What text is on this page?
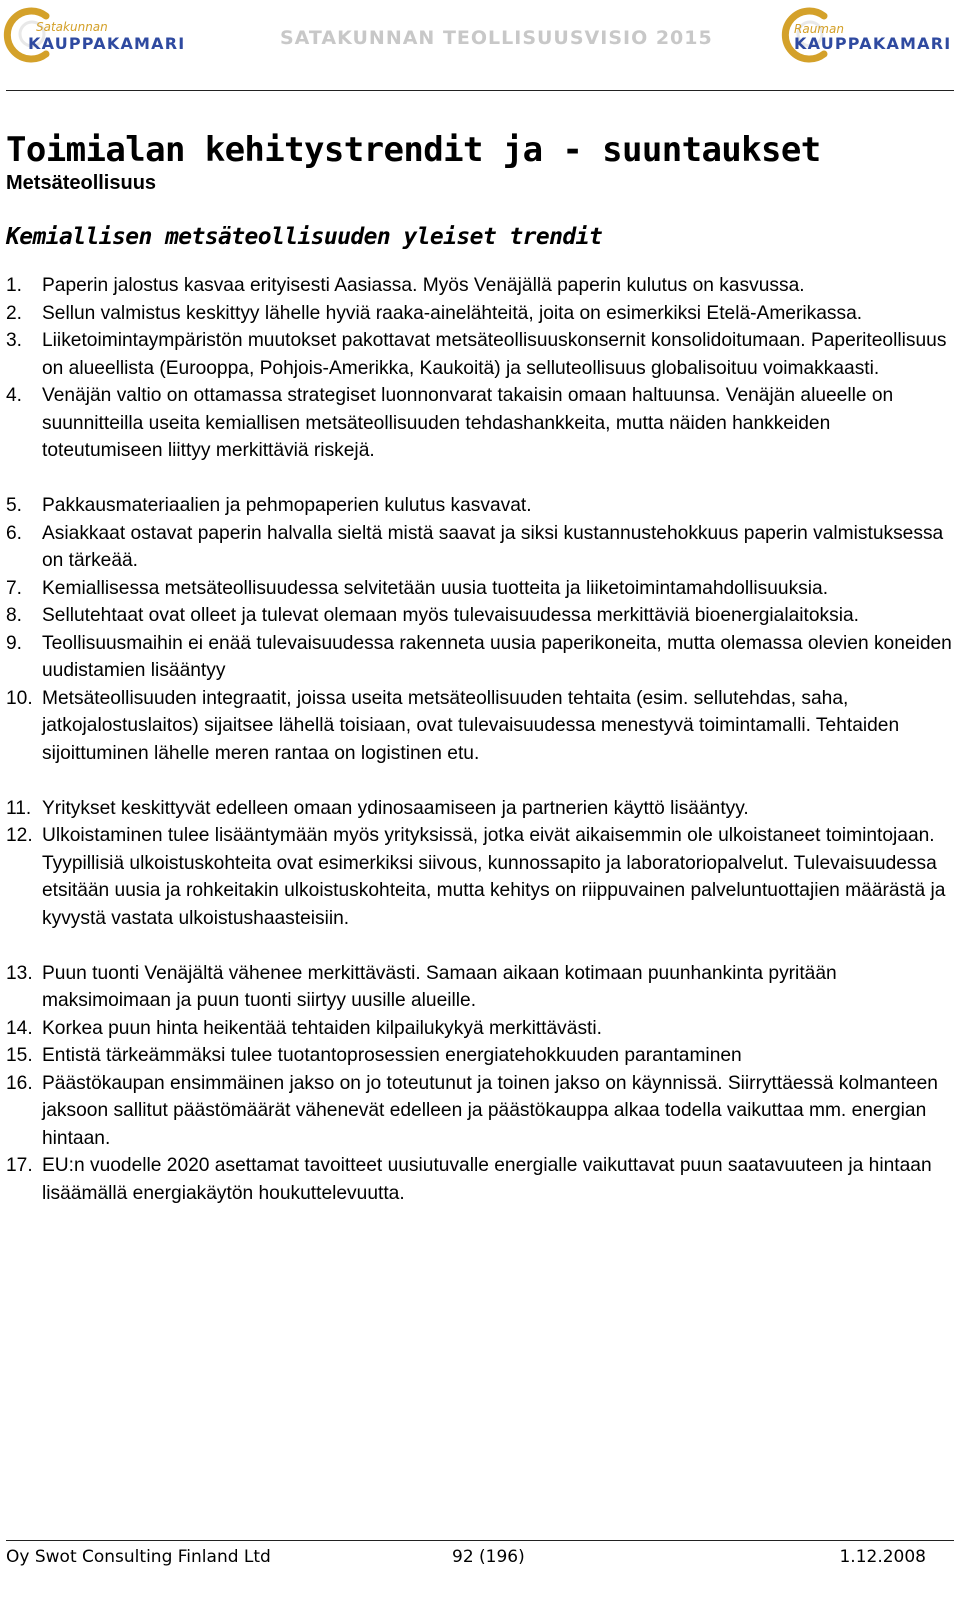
Satakunnan
KAUPPAKAMARI	SATAKUNNAN TEOLLISUUSVISIO 2015	Rauman
KAUPPAKAMARI
Toimialan kehitystrendit ja - suuntaukset
Metsäteollisuus
Kemiallisen metsäteollisuuden yleiset trendit
1. Paperin jalostus kasvaa erityisesti Aasiassa. Myös Venäjällä paperin kulutus on kasvussa.
2. Sellun valmistus keskittyy lähelle hyviä raaka-ainelähteitä, joita on esimerkiksi Etelä-Amerikassa.
3. Liiketoimintaympäristön muutokset pakottavat metsäteollisuuskonsernit konsolidoitumaan. Paperiteollisuus on alueellista (Eurooppa, Pohjois-Amerikka, Kaukoitä) ja selluteollisuus globalisoituu voimakkaasti.
4. Venäjän valtio on ottamassa strategiset luonnonvarat takaisin omaan haltuunsa. Venäjän alueelle on suunnitteilla useita kemiallisen metsäteollisuuden tehdashankkeita, mutta näiden hankkeiden toteutumiseen liittyy merkittäviä riskejä.
5. Pakkausmateriaalien ja pehmopaperien kulutus kasvavat.
6. Asiakkaat ostavat paperin halvalla sieltä mistä saavat ja siksi kustannustehokkuus paperin valmistuksessa on tärkeää.
7. Kemiallisessa metsäteollisuudessa selvitetään uusia tuotteita ja liiketoimintamahdollisuuksia.
8. Sellutehtaat ovat olleet ja tulevat olemaan myös tulevaisuudessa merkittäviä bioenergialaitoksia.
9. Teollisuusmaihin ei enää tulevaisuudessa rakenneta uusia paperikoneita, mutta olemassa olevien koneiden uudistamien lisääntyy
10. Metsäteollisuuden integraatit, joissa useita metsäteollisuuden tehtaita (esim. sellutehdas, saha, jatkojalostuslaitos) sijaitsee lähellä toisiaan, ovat tulevaisuudessa menestyvä toimintamalli. Tehtaiden sijoittuminen lähelle meren rantaa on logistinen etu.
11. Yritykset keskittyvät edelleen omaan ydinosaamiseen ja partnerien käyttö lisääntyy.
12. Ulkoistaminen tulee lisääntymään myös yrityksissä, jotka eivät aikaisemmin ole ulkoistaneet toimintojaan. Tyypillisiä ulkoistuskohteita ovat esimerkiksi siivous, kunnossapito ja laboratoriopalvelut. Tulevaisuudessa etsitään uusia ja rohkeitakin ulkoistuskohteita, mutta kehitys on riippuvainen palveluntuottajien määrästä ja kyvystä vastata ulkoistushaasteisiin.
13. Puun tuonti Venäjältä vähenee merkittävästi. Samaan aikaan kotimaan puunhankinta pyritään maksimoimaan ja puun tuonti siirtyy uusille alueille.
14. Korkea puun hinta heikentää tehtaiden kilpailukykyä merkittävästi.
15. Entistä tärkeämmäksi tulee tuotantoprosessien energiatehokkuuden parantaminen
16. Päästökaupan ensimmäinen jakso on jo toteutunut ja toinen jakso on käynnissä. Siirryttäessä kolmanteen jaksoon sallitut päästömäärät vähenevät edelleen ja päästökauppa alkaa todella vaikuttaa mm. energian hintaan.
17. EU:n vuodelle 2020 asettamat tavoitteet uusiutuvalle energialle vaikuttavat puun saatavuuteen ja hintaan lisäämällä energiakäytön houkuttelevuutta.
Oy Swot Consulting Finland Ltd	92 (196)	1.12.2008
